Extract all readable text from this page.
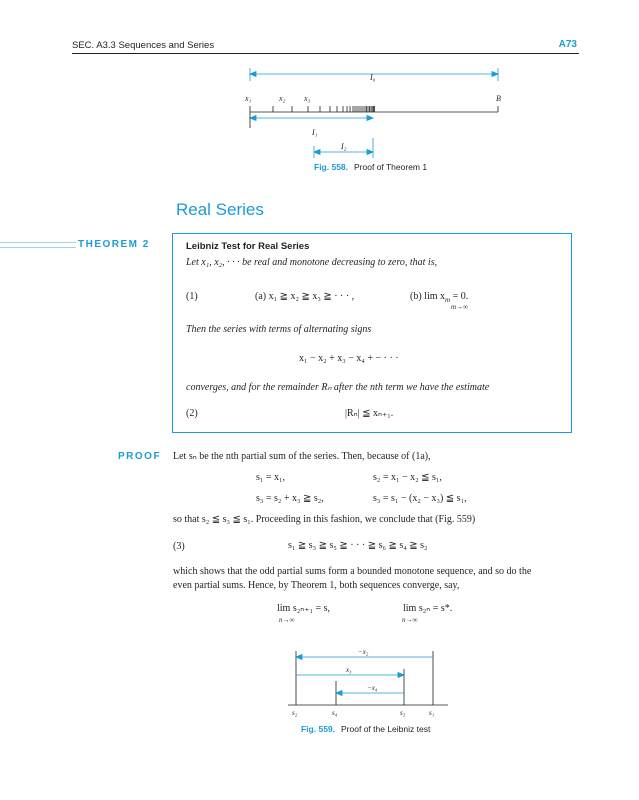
SEC. A3.3 Sequences and Series	A73
I₀
x₁	x₂ x₃	B
I₁
I₂
Fig. 558. Proof of Theorem 1
Real Series
THEOREM 2	Leibniz Test for Real Series
Let x₁, x₂, · · · be real and monotone decreasing to zero, that is,
(1)	(a) x₁ ≧ x₂ ≧ x₃ ≧ · · · ,	(b) $\lim x_m = 0$.
m→∞
Then the series with terms of alternating signs
x₁ − x₂ + x₃ − x₄ + − · · ·
converges, and for the remainder Rₙ after the nth term we have the estimate
(2)	|Rₙ| ≦ xₙ₊₁.
PROOF Let sₙ be the nth partial sum of the series. Then, because of (1a),
s₁ = x₁,	s₂ = x₁ − x₂ ≦ s₁,
s₃ = s₂ + x₃ ≧ s₂,	s₃ = s₁ − (x₂ − x₃) ≦ s₁,
so that s₂ ≦ s₃ ≦ s₁. Proceeding in this fashion, we conclude that (Fig. 559)
(3)	s₁ ≧ s₃ ≧ s₅ ≧ · · · ≧ s₆ ≧ s₄ ≧ s₂
which shows that the odd partial sums form a bounded monotone sequence, and so do the
even partial sums. Hence, by Theorem 1, both sequences converge, say,
lim s₂ₙ₊₁ = s,	lim s₂ₙ = s*.
n→∞	n→∞
−x₂
x₃
−x₄
s₂	s₄	s₃	s₁
Fig. 559. Proof of the Leibniz test
